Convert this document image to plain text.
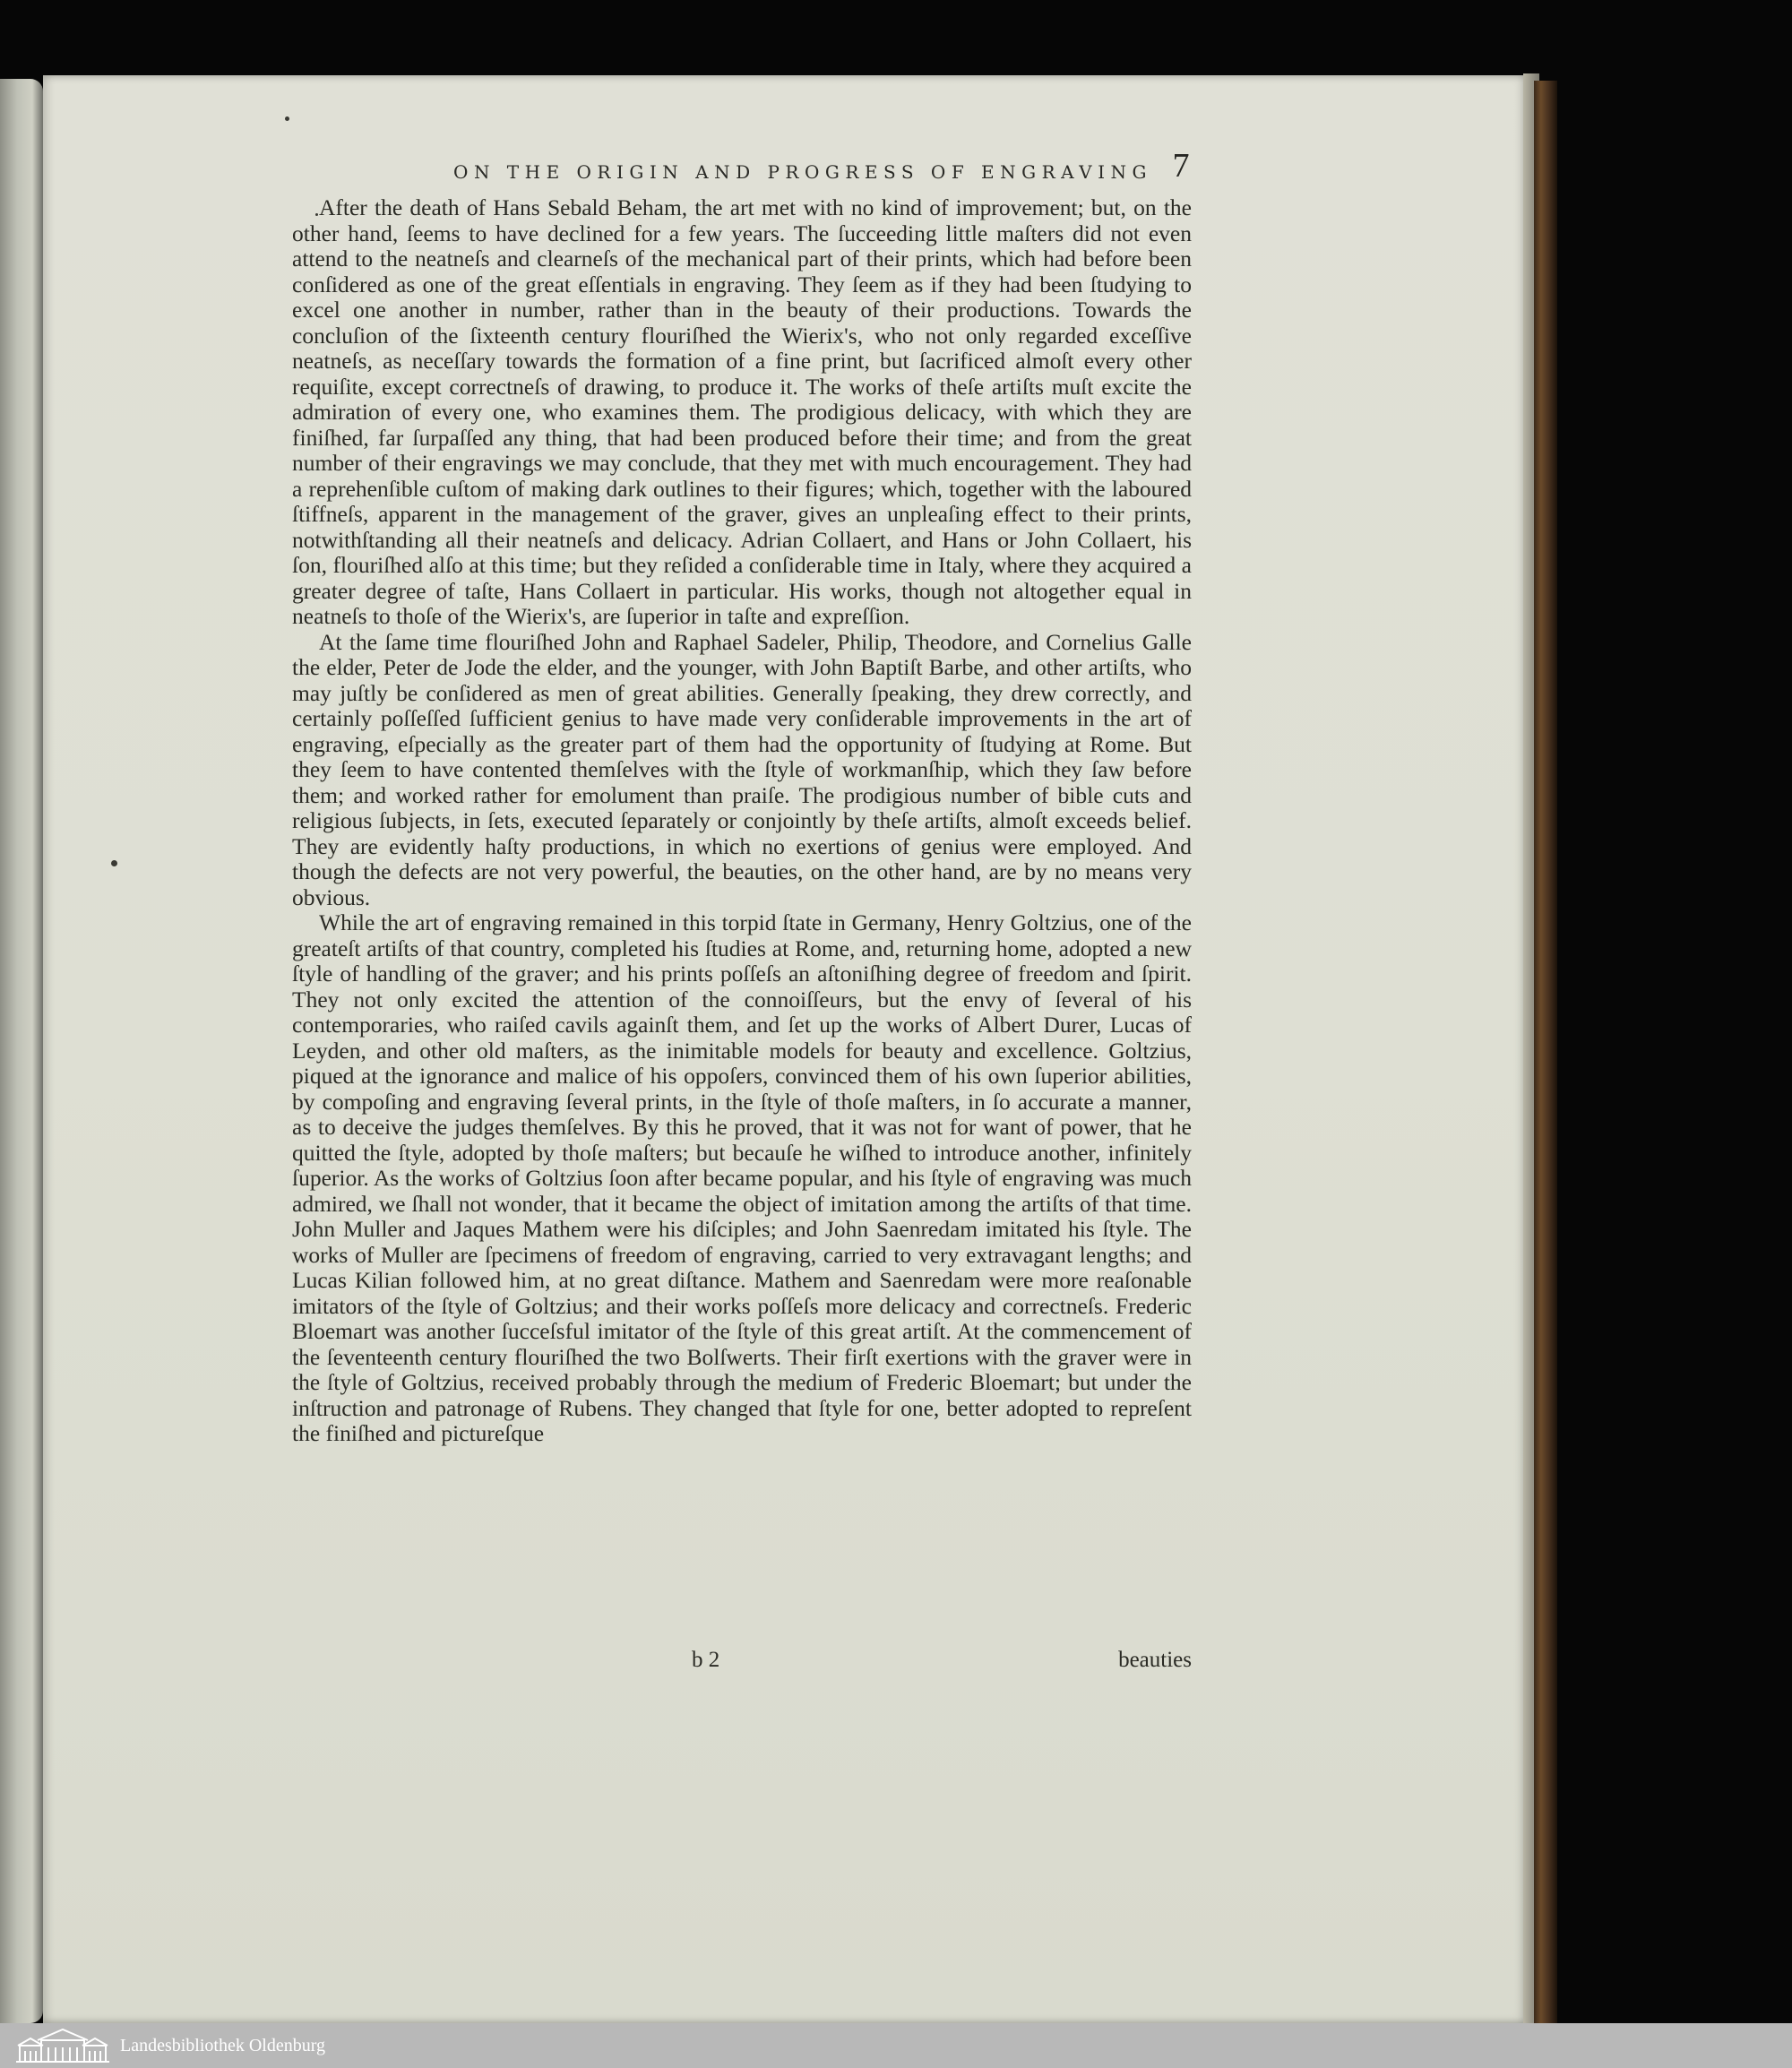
ON THE ORIGIN AND PROGRESS OF ENGRAVING 7

After the death of Hans Sebald Beham, the art met with no kind of improvement; but, on the other hand, ſeems to have declined for a few years. The ſucceeding little maſters did not even attend to the neatneſs and clearneſs of the mechanical part of their prints, which had before been conſidered as one of the great eſſentials in engraving. They ſeem as if they had been ſtudying to excel one another in number, rather than in the beauty of their productions. Towards the concluſion of the ſixteenth century flouriſhed the Wierix's, who not only regarded exceſſive neatneſs, as neceſſary towards the formation of a fine print, but ſacrificed almoſt every other requiſite, except correctneſs of drawing, to produce it. The works of theſe artiſts muſt excite the admiration of every one, who examines them. The prodigious delicacy, with which they are finiſhed, far ſurpaſſed any thing, that had been produced before their time; and from the great number of their engravings we may conclude, that they met with much encouragement. They had a reprehenſible cuſtom of making dark outlines to their figures; which, together with the laboured ſtiffneſs, apparent in the management of the graver, gives an unpleaſing effect to their prints, notwithſtanding all their neatneſs and delicacy. Adrian Collaert, and Hans or John Collaert, his ſon, flouriſhed alſo at this time; but they reſided a conſiderable time in Italy, where they acquired a greater degree of taſte, Hans Collaert in particular. His works, though not altogether equal in neatneſs to thoſe of the Wierix's, are ſuperior in taſte and expreſſion.

At the ſame time flouriſhed John and Raphael Sadeler, Philip, Theodore, and Cornelius Galle the elder, Peter de Jode the elder, and the younger, with John Baptiſt Barbe, and other artiſts, who may juſtly be conſidered as men of great abilities. Generally ſpeaking, they drew correctly, and certainly poſſeſſed ſufficient genius to have made very conſiderable improvements in the art of engraving, eſpecially as the greater part of them had the opportunity of ſtudying at Rome. But they ſeem to have contented themſelves with the ſtyle of workmanſhip, which they ſaw before them; and worked rather for emolument than praiſe. The prodigious number of bible cuts and religious ſubjects, in ſets, executed ſeparately or conjointly by theſe artiſts, almoſt exceeds belief. They are evidently haſty productions, in which no exertions of genius were employed. And though the defects are not very powerful, the beauties, on the other hand, are by no means very obvious.

While the art of engraving remained in this torpid ſtate in Germany, Henry Goltzius, one of the greateſt artiſts of that country, completed his ſtudies at Rome, and, returning home, adopted a new ſtyle of handling of the graver; and his prints poſſeſs an aſtoniſhing degree of freedom and ſpirit. They not only excited the attention of the connoiſſeurs, but the envy of ſeveral of his contemporaries, who raiſed cavils againſt them, and ſet up the works of Albert Durer, Lucas of Leyden, and other old maſters, as the inimitable models for beauty and excellence. Goltzius, piqued at the ignorance and malice of his oppoſers, convinced them of his own ſuperior abilities, by compoſing and engraving ſeveral prints, in the ſtyle of thoſe maſters, in ſo accurate a manner, as to deceive the judges themſelves. By this he proved, that it was not for want of power, that he quitted the ſtyle, adopted by thoſe maſters; but becauſe he wiſhed to introduce another, infinitely ſuperior. As the works of Goltzius ſoon after became popular, and his ſtyle of engraving was much admired, we ſhall not wonder, that it became the object of imitation among the artiſts of that time. John Muller and Jaques Mathem were his diſciples; and John Saenredam imitated his ſtyle. The works of Muller are ſpecimens of freedom of engraving, carried to very extravagant lengths; and Lucas Kilian followed him, at no great diſtance. Mathem and Saenredam were more reaſonable imitators of the ſtyle of Goltzius; and their works poſſeſs more delicacy and correctneſs. Frederic Bloemart was another ſucceſsful imitator of the ſtyle of this great artiſt. At the commencement of the ſeventeenth century flouriſhed the two Bolſwerts. Their firſt exertions with the graver were in the ſtyle of Goltzius, received probably through the medium of Frederic Bloemart; but under the inſtruction and patronage of Rubens. They changed that ſtyle for one, better adopted to repreſent the finiſhed and pictureſque

b 2	beauties
Landesbibliothek Oldenburg
